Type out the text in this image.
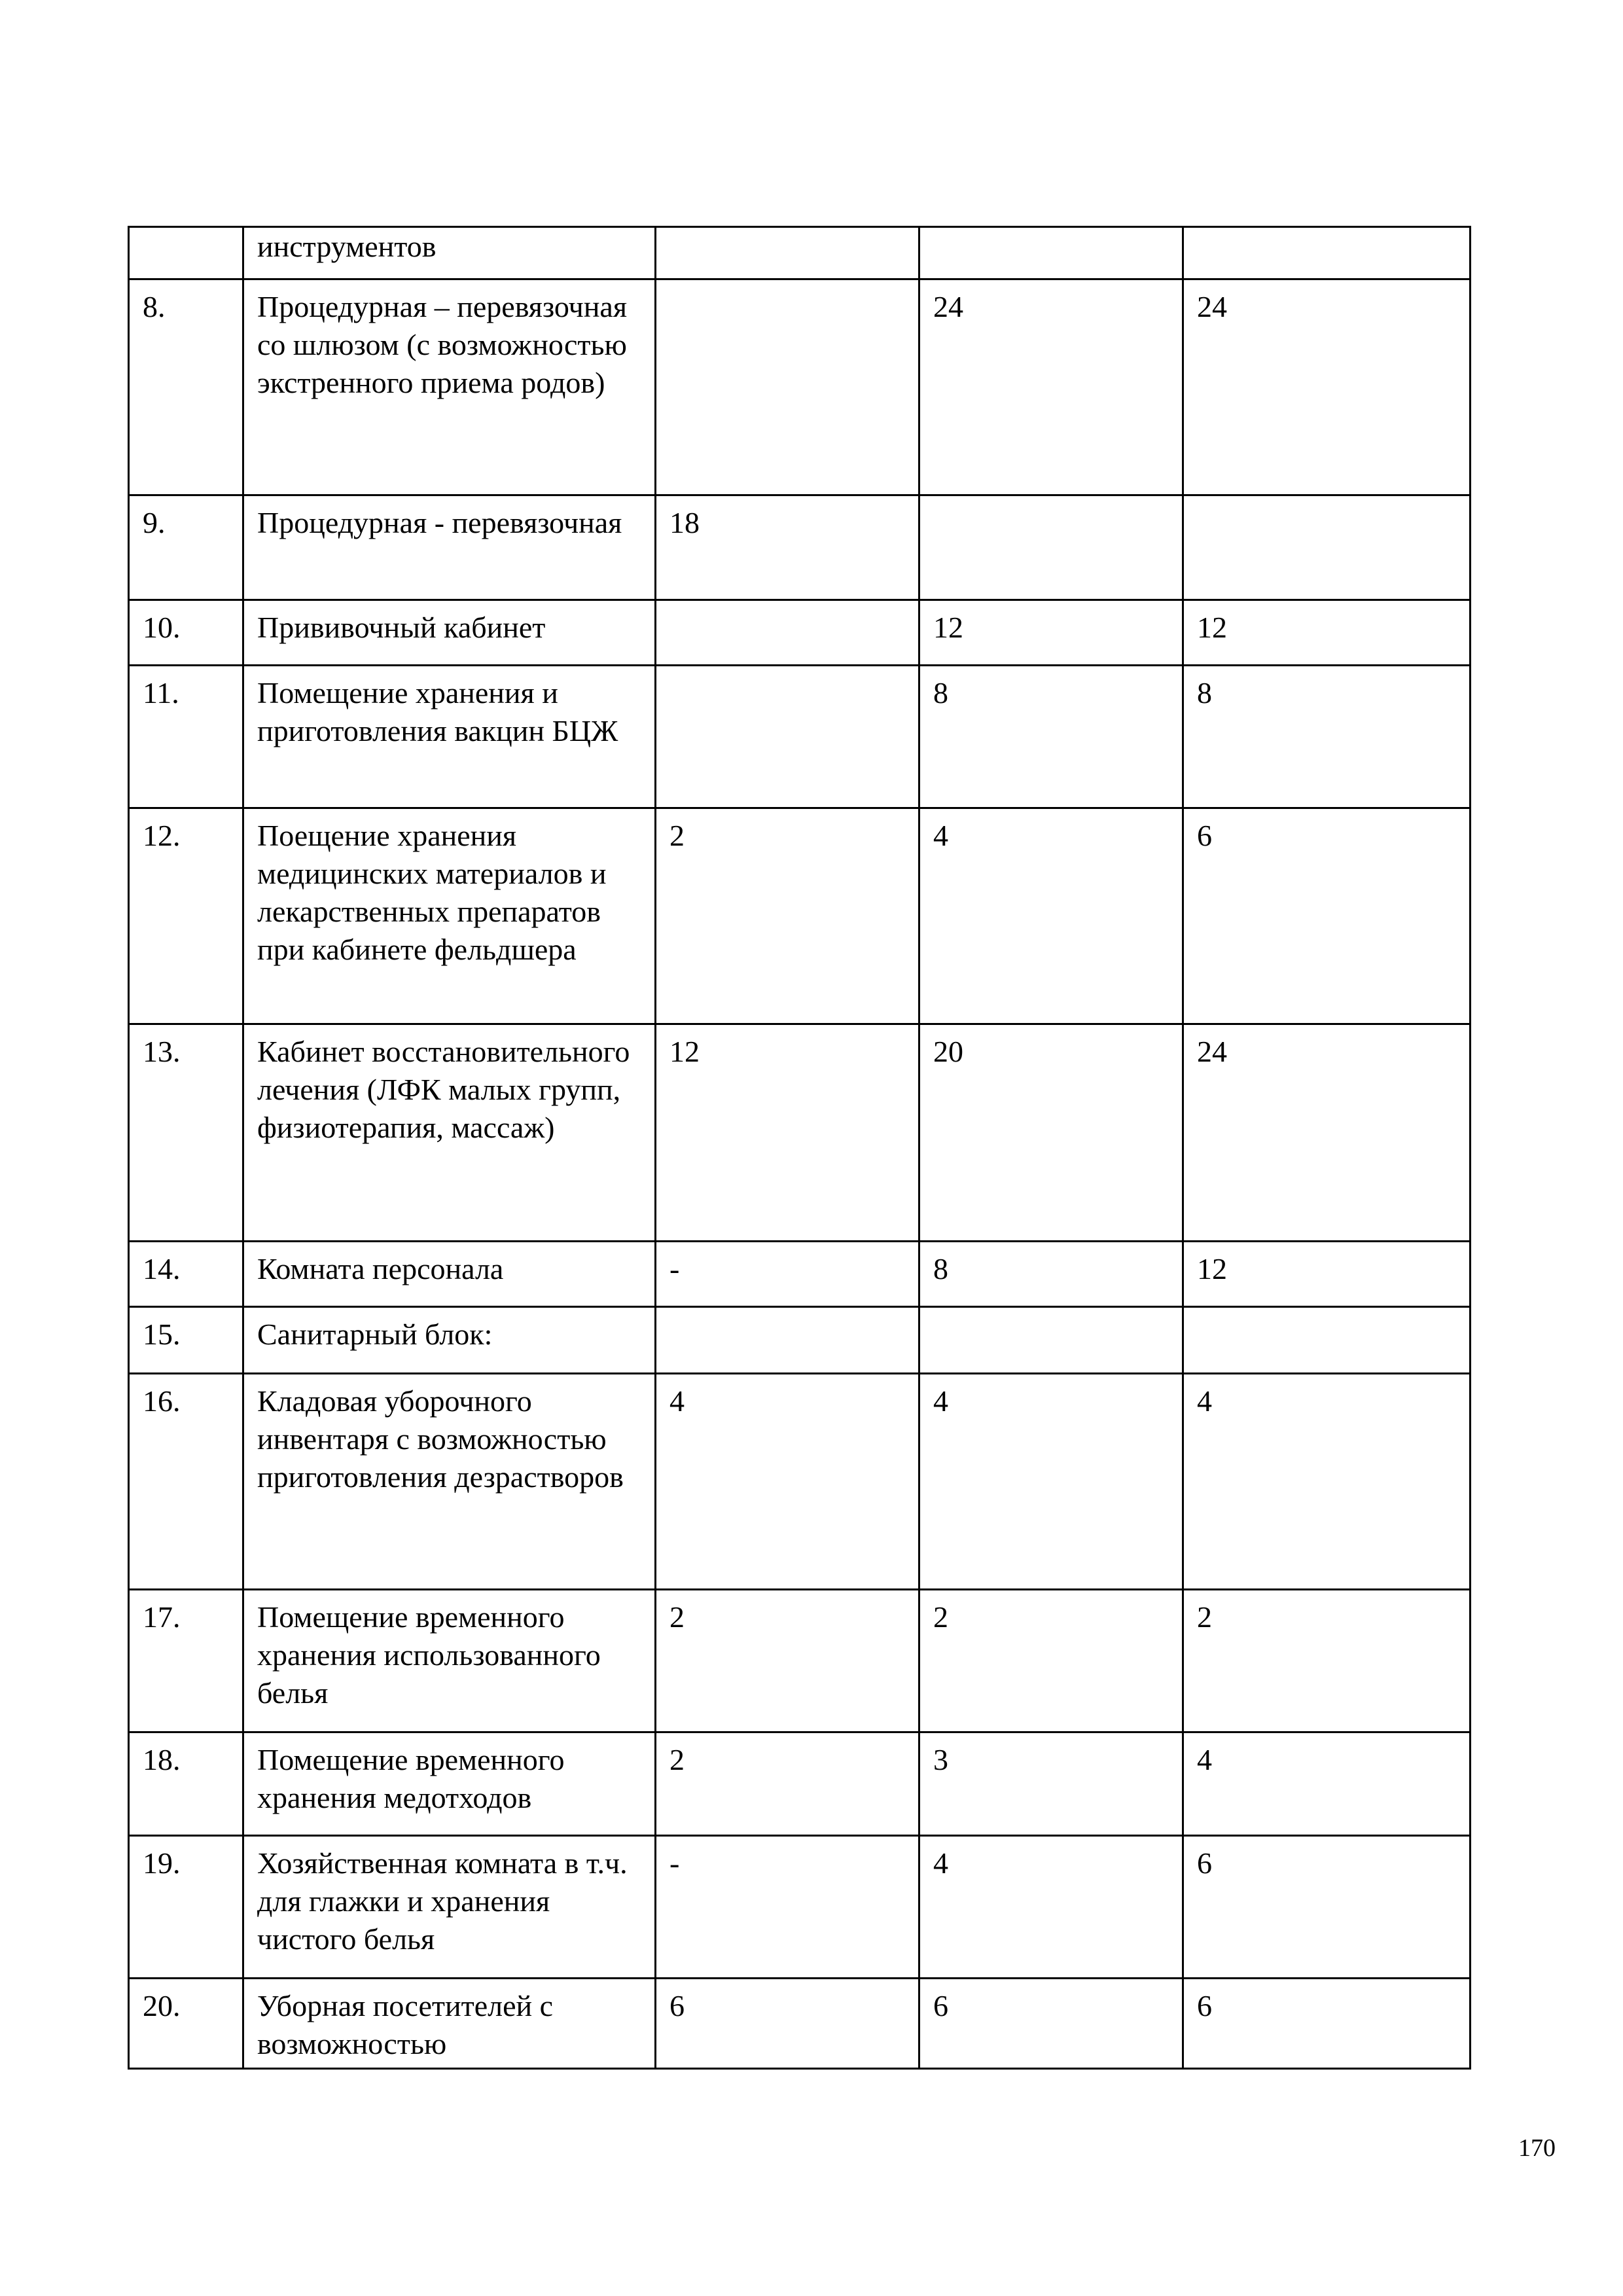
	инструментов			

8.	Процедурная – перевязочная со шлюзом (с возможностью экстренного приема родов)		24	24

9.	Процедурная - перевязочная	18		

10.	Прививочный кабинет		12	12

11.	Помещение хранения и приготовления вакцин БЦЖ		8	8

12.	Поещение хранения медицинских материалов и лекарственных препаратов при кабинете фельдшера	2	4	6

13.	Кабинет восстановительного лечения (ЛФК малых групп, физиотерапия, массаж)	12	20	24

14.	Комната персонала	-	8	12

15.	Санитарный блок:			

16.	Кладовая уборочного инвентаря с возможностью приготовления дезрастворов	4	4	4

17.	Помещение временного хранения использованного белья	2	2	2

18.	Помещение временного хранения медотходов	2	3	4

19.	Хозяйственная комната в т.ч. для глажки и хранения чистого белья	-	4	6

20.	Уборная посетителей с возможностью	6	6	6
170
